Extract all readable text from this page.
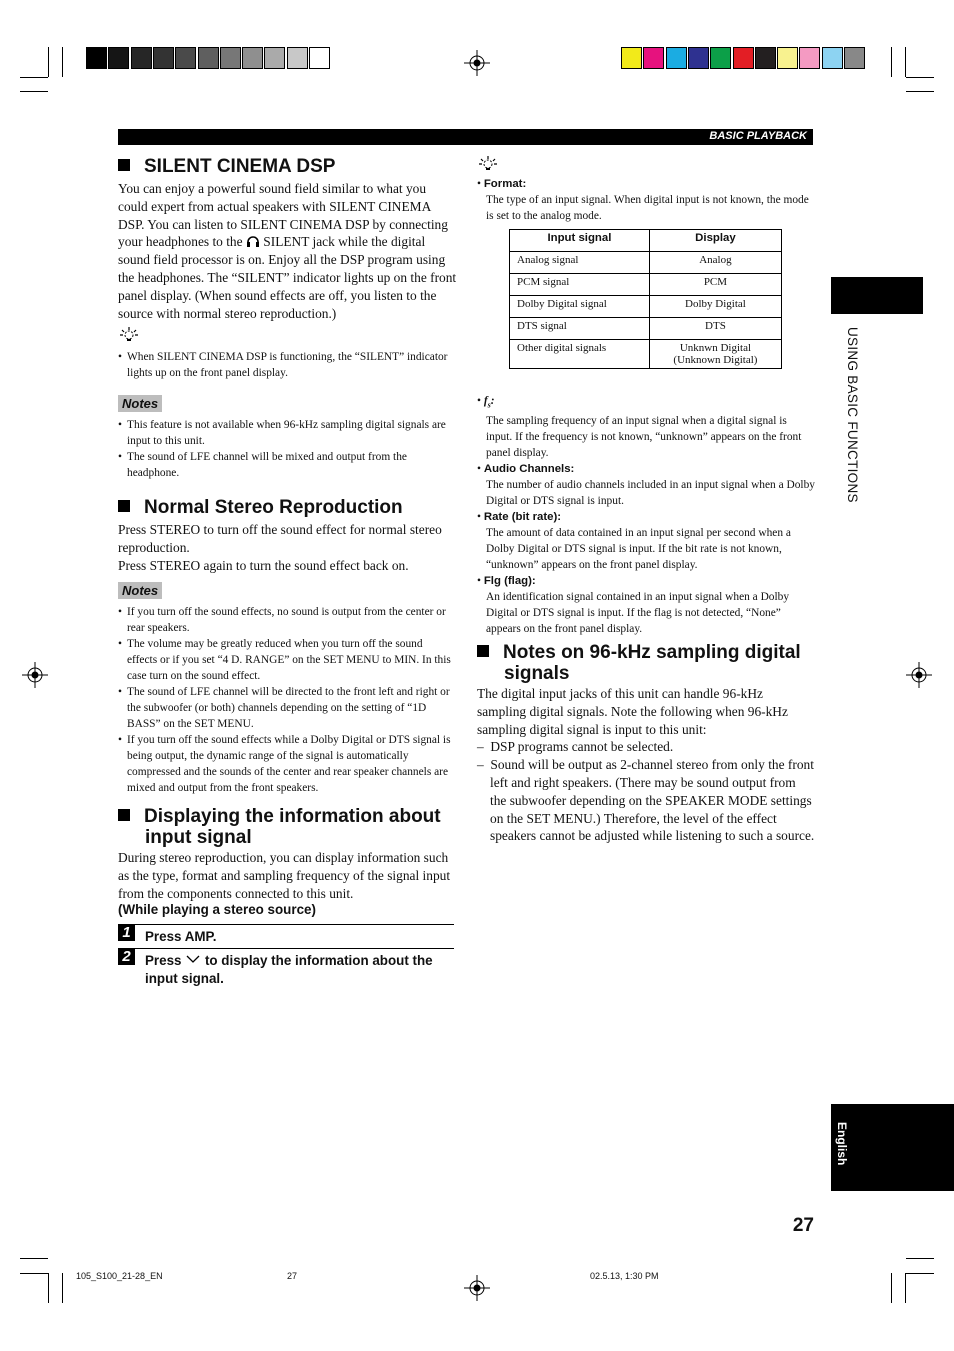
BASIC PLAYBACK
USING BASIC FUNCTIONS
English
SILENT CINEMA DSP
You can enjoy a powerful sound field similar to what you could expert from actual speakers with SILENT CINEMA DSP. You can listen to SILENT CINEMA DSP by connecting your headphones to the SILENT jack while the digital sound field processor is on. Enjoy all the DSP program using the headphones. The “SILENT” indicator lights up on the front panel display. (When sound effects are off, you listen to the source with normal stereo reproduction.)
• When SILENT CINEMA DSP is functioning, the “SILENT” indicator lights up on the front panel display.
Notes
• This feature is not available when 96-kHz sampling digital signals are input to this unit.
• The sound of LFE channel will be mixed and output from the headphone.
Normal Stereo Reproduction
Press STEREO to turn off the sound effect for normal stereo reproduction.
Press STEREO again to turn the sound effect back on.
Notes
• If you turn off the sound effects, no sound is output from the center or rear speakers.
• The volume may be greatly reduced when you turn off the sound effects or if you set “4 D. RANGE” on the SET MENU to MIN. In this case turn on the sound effect.
• The sound of LFE channel will be directed to the front left and right or the subwoofer (or both) channels depending on the setting of “1D BASS” on the SET MENU.
• If you turn off the sound effects while a Dolby Digital or DTS signal is being output, the dynamic range of the signal is automatically compressed and the sounds of the center and rear speaker channels are mixed and output from the front speakers.
Displaying the information about input signal
During stereo reproduction, you can display information such as the type, format and sampling frequency of the signal input from the components connected to this unit.
(While playing a stereo source)
1	Press AMP.
2	Press to display the information about the input signal.
• Format:
The type of an input signal. When digital input is not known, the mode is set to the analog mode.
Input signal	Display
Analog signal	Analog
PCM signal	PCM
Dolby Digital signal	Dolby Digital
DTS signal	DTS
Other digital signals	Unknwn Digital
(Unknown Digital)
• $f_s$:
The sampling frequency of an input signal when a digital signal is input. If the frequency is not known, “unknown” appears on the front panel display.
• Audio Channels:
The number of audio channels included in an input signal when a Dolby Digital or DTS signal is input.
• Rate (bit rate):
The amount of data contained in an input signal per second when a Dolby Digital or DTS signal is input. If the bit rate is not known, “unknown” appears on the front panel display.
• Flg (flag):
An identification signal contained in an input signal when a Dolby Digital or DTS signal is input. If the flag is not detected, “None” appears on the front panel display.
Notes on 96-kHz sampling digital signals
The digital input jacks of this unit can handle 96-kHz sampling digital signals. Note the following when 96-kHz sampling digital signal is input to this unit:
–  DSP programs cannot be selected.
–  Sound will be output as 2-channel stereo from only the front left and right speakers. (There may be sound output from the subwoofer depending on the SPEAKER MODE settings on the SET MENU.) Therefore, the level of the effect speakers cannot be adjusted while listening to such a source.
27
105_S100_21-28_EN	27	02.5.13, 1:30 PM
